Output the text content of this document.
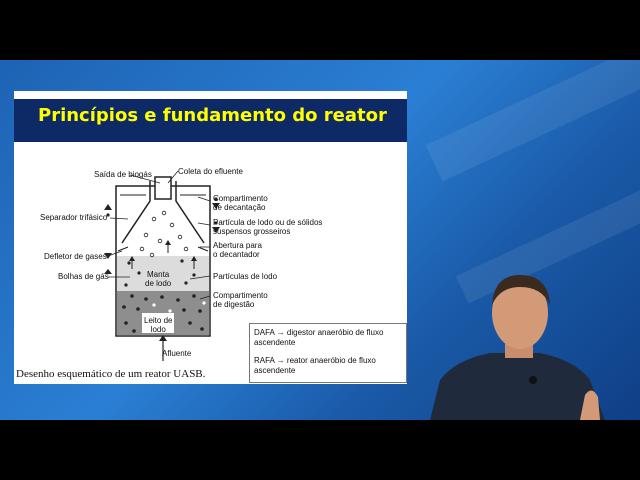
Princípios e fundamento do reator
Saída de biogás
Separador trifásico
Defletor de gases
Bolhas de gás
Coleta do efluente
Compartimento
de decantação
Partícula de lodo ou de sólidos
suspensos grosseiros
Abertura para
o decantador
Partículas de lodo
Compartimento
de digestão
Manta
de lodo
Leito de
lodo
Afluente
Desenho esquemático de um reator UASB.
DAFA → digestor anaeróbio de fluxo ascendente
RAFA → reator anaeróbio de fluxo ascendente
